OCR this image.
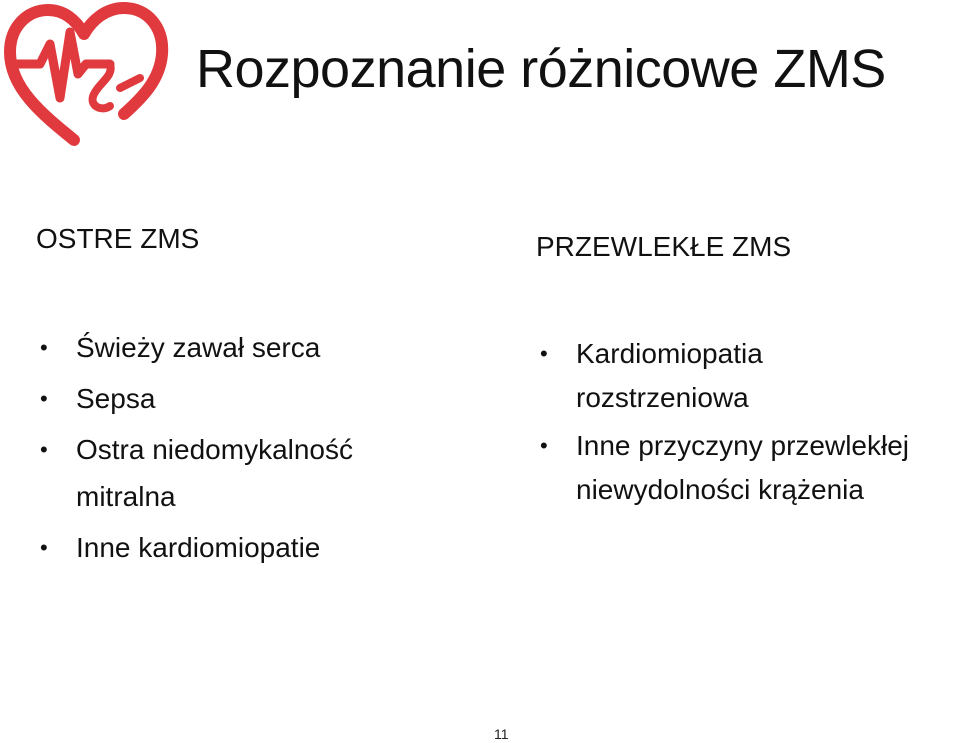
Rozpoznanie różnicowe ZMS
OSTRE ZMS
• Świeży zawał serca
• Sepsa
• Ostra niedomykalność mitralna
• Inne kardiomiopatie
PRZEWLEKŁE ZMS
• Kardiomiopatia rozstrzeniowa
• Inne przyczyny przewlekłej niewydolności krążenia
11
